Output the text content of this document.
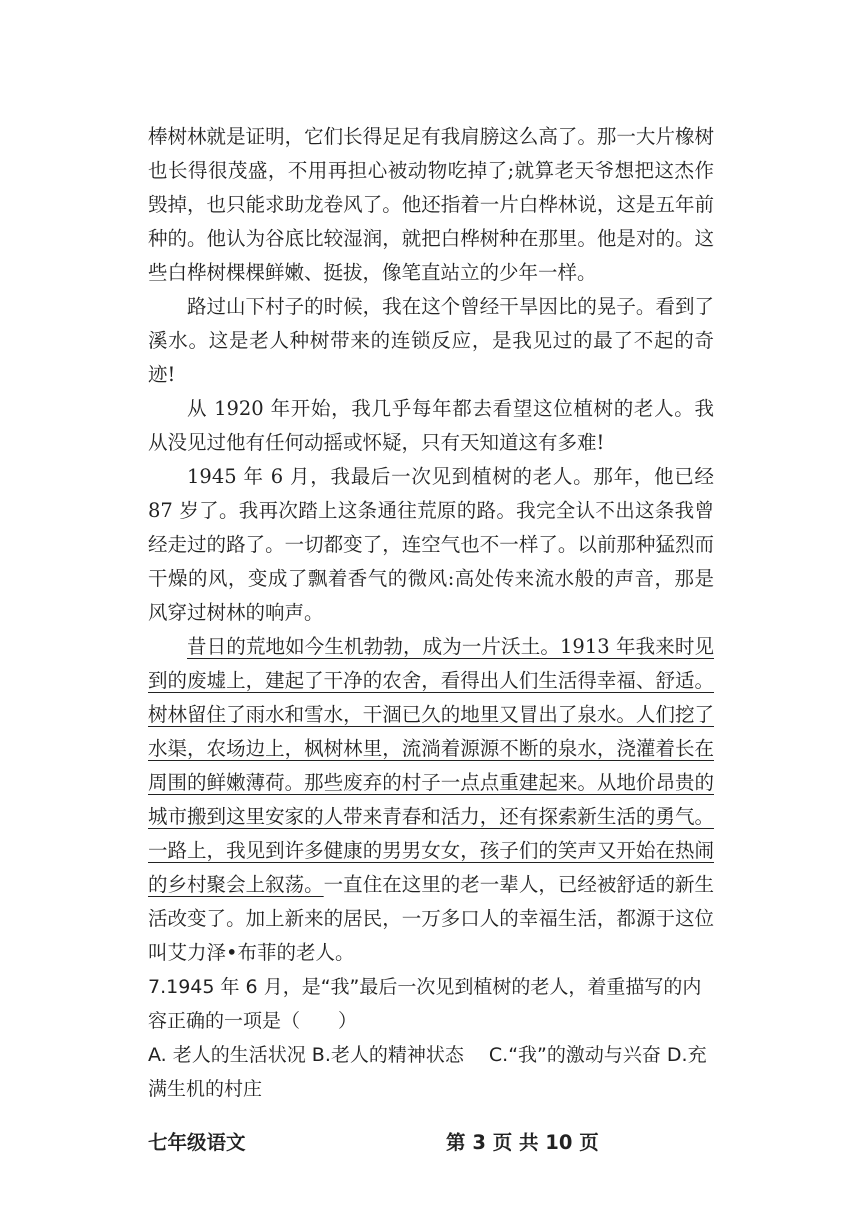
棒树林就是证明，它们长得足足有我肩膀这么高了。那一大片橡树也长得很茂盛，不用再担心被动物吃掉了;就算老天爷想把这杰作毁掉，也只能求助龙卷风了。他还指着一片白桦林说，这是五年前种的。他认为谷底比较湿润，就把白桦树种在那里。他是对的。这些白桦树棵棵鲜嫩、挺拔，像笔直站立的少年一样。

路过山下村子的时候，我在这个曾经干旱因比的晃子。看到了溪水。这是老人种树带来的连锁反应，是我见过的最了不起的奇迹!

从 1920 年开始，我几乎每年都去看望这位植树的老人。我从没见过他有任何动摇或怀疑，只有天知道这有多难!

1945 年 6 月，我最后一次见到植树的老人。那年，他已经 87 岁了。我再次踏上这条通往荒原的路。我完全认不出这条我曾经走过的路了。一切都变了，连空气也不一样了。以前那种猛烈而干燥的风，变成了飘着香气的微风:高处传来流水般的声音，那是风穿过树林的响声。

昔日的荒地如今生机勃勃，成为一片沃土。1913 年我来时见到的废墟上，建起了干净的农舍，看得出人们生活得幸福、舒适。树林留住了雨水和雪水，干涸已久的地里又冒出了泉水。人们挖了水渠，农场边上，枫树林里，流淌着源源不断的泉水，浇灌着长在周围的鲜嫩薄荷。那些废弃的村子一点点重建起来。从地价昂贵的城市搬到这里安家的人带来青春和活力，还有探索新生活的勇气。一路上，我见到许多健康的男男女女，孩子们的笑声又开始在热闹的乡村聚会上叙荡。一直住在这里的老一辈人，已经被舒适的新生活改变了。加上新来的居民，一万多口人的幸福生活，都源于这位叫艾力泽•布菲的老人。

7.1945 年 6 月，是“我”最后一次见到植树的老人，着重描写的内容正确的一项是（　　）

A. 老人的生活状况 B.老人的精神状态　 C.“我”的激动与兴奋 D.充满生机的村庄

七年级语文	第 3 页 共 10 页
